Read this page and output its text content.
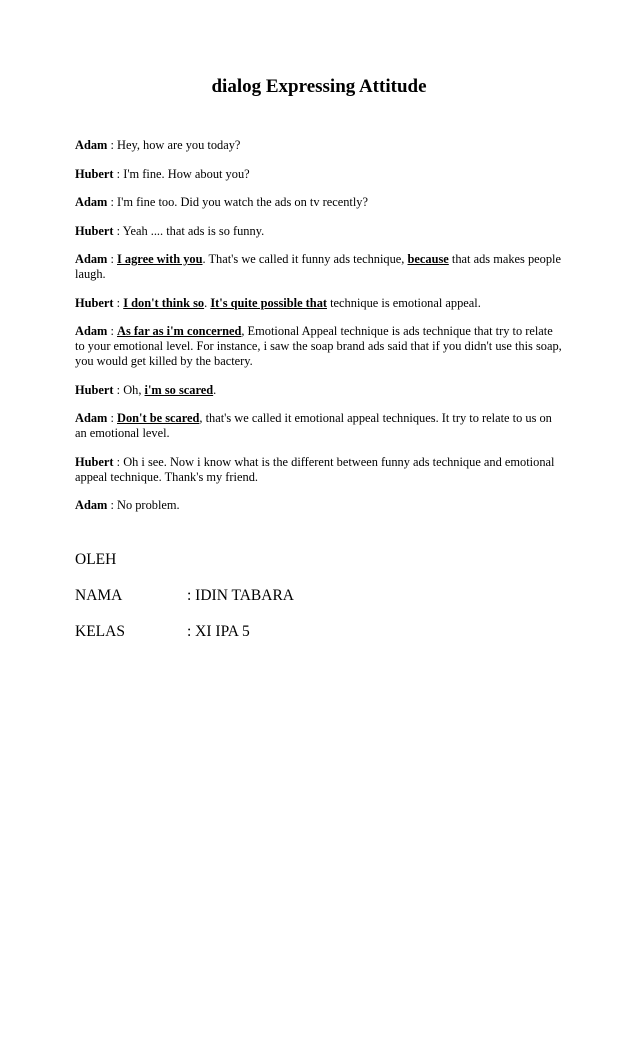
dialog Expressing Attitude

Adam : Hey, how are you today?

Hubert : I'm fine. How about you?

Adam : I'm fine too. Did you watch the ads on tv recently?

Hubert : Yeah .... that ads is so funny.

Adam : I agree with you. That's we called it funny ads technique, because that ads makes people laugh.

Hubert : I don't think so. It's quite possible that technique is emotional appeal.

Adam : As far as i'm concerned, Emotional Appeal technique is ads technique that try to relate to your emotional level. For instance, i saw the soap brand ads said that if you didn't use this soap, you would get killed by the bactery.

Hubert : Oh, i'm so scared.

Adam : Don't be scared, that's we called it emotional appeal techniques. It try to relate to us on an emotional level.

Hubert : Oh i see. Now i know what is the different between funny ads technique and emotional appeal technique. Thank's my friend.

Adam : No problem.

OLEH
NAMA	: IDIN TABARA
KELAS	: XI IPA 5
